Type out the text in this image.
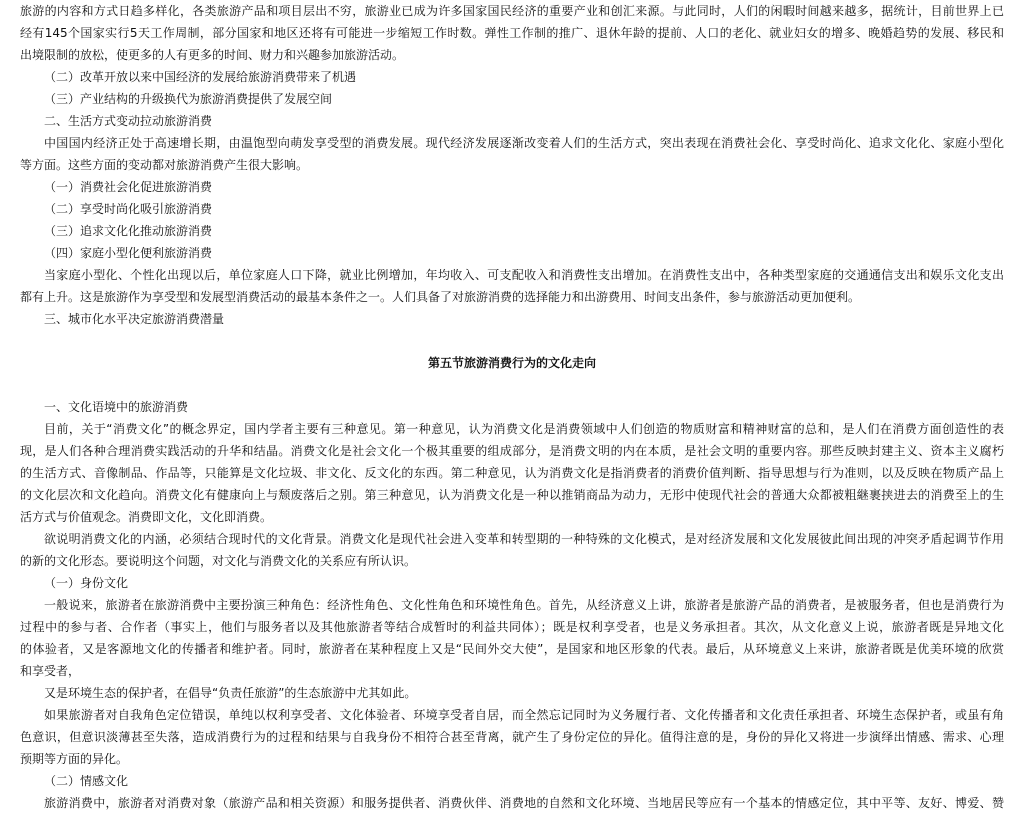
旅游的内容和方式日趋多样化，各类旅游产品和项目层出不穷，旅游业已成为许多国家国民经济的重要产业和创汇来源。与此同时，人们的闲暇时间越来越多，据统计，目前世界上已
经有145个国家实行5天工作周制，部分国家和地区还将有可能进一步缩短工作时数。弹性工作制的推广、退休年龄的提前、人口的老化、就业妇女的增多、晚婚趋势的发展、移民和
出境限制的放松，使更多的人有更多的时间、财力和兴趣参加旅游活动。
（二）改革开放以来中国经济的发展给旅游消费带来了机遇
（三）产业结构的升级换代为旅游消费提供了发展空间
二、生活方式变动拉动旅游消费
中国国内经济正处于高速增长期，由温饱型向萌发享受型的消费发展。现代经济发展逐渐改变着人们的生活方式，突出表现在消费社会化、享受时尚化、追求文化化、家庭小型化
等方面。这些方面的变动都对旅游消费产生很大影响。
（一）消费社会化促进旅游消费
（二）享受时尚化吸引旅游消费
（三）追求文化化推动旅游消费
（四）家庭小型化便利旅游消费
当家庭小型化、个性化出现以后，单位家庭人口下降，就业比例增加，年均收入、可支配收入和消费性支出增加。在消费性支出中，各种类型家庭的交通通信支出和娱乐文化支出
都有上升。这是旅游作为享受型和发展型消费活动的最基本条件之一。人们具备了对旅游消费的选择能力和出游费用、时间支出条件，参与旅游活动更加便利。
三、城市化水平决定旅游消费潜量
第五节旅游消费行为的文化走向
一、文化语境中的旅游消费
目前，关于“消费文化”的概念界定，国内学者主要有三种意见。第一种意见，认为消费文化是消费领域中人们创造的物质财富和精神财富的总和，是人们在消费方面创造性的表
现，是人们各种合理消费实践活动的升华和结晶。消费文化是社会文化一个极其重要的组成部分，是消费文明的内在本质，是社会文明的重要内容。那些反映封建主义、资本主义腐朽
的生活方式、音像制品、作品等，只能算是文化垃圾、非文化、反文化的东西。第二种意见，认为消费文化是指消费者的消费价值判断、指导思想与行为准则，以及反映在物质产品上
的文化层次和文化趋向。消费文化有健康向上与颓废落后之别。第三种意见，认为消费文化是一种以推销商品为动力，无形中使现代社会的普通大众都被粗継裹挟进去的消费至上的生
活方式与价值观念。消费即文化，文化即消费。
欲说明消费文化的内涵，必须结合现时代的文化背景。消费文化是现代社会进入变革和转型期的一种特殊的文化模式，是对经济发展和文化发展彼此间出现的冲突矛盾起调节作用
的新的文化形态。要说明这个问题，对文化与消费文化的关系应有所认识。
（一）身份文化
一般说来，旅游者在旅游消费中主要扮演三种角色：经济性角色、文化性角色和环境性角色。首先，从经济意义上讲，旅游者是旅游产品的消费者，是被服务者，但也是消费行为
过程中的参与者、合作者（事实上，他们与服务者以及其他旅游者等结合成暂时的利益共同体）；既是权利享受者，也是义务承担者。其次，从文化意义上说，旅游者既是异地文化
的体验者，又是客源地文化的传播者和维护者。同时，旅游者在某种程度上又是“民间外交大使”，是国家和地区形象的代表。最后，从环境意义上来讲，旅游者既是优美环境的欣赏
和享受者，
又是环境生态的保护者，在倡导“负责任旅游”的生态旅游中尤其如此。
如果旅游者对自我角色定位错误，单纯以权利享受者、文化体验者、环境享受者自居，而全然忘记同时为义务履行者、文化传播者和文化责任承担者、环境生态保护者，或虽有角
色意识，但意识淡薄甚至失落，造成消费行为的过程和结果与自我身份不相符合甚至背离，就产生了身份定位的异化。值得注意的是，身份的异化又将进一步演绎出情感、需求、心理
预期等方面的异化。
（二）情感文化
旅游消费中，旅游者对消费对象（旅游产品和相关资源）和服务提供者、消费伙伴、消费地的自然和文化环境、当地居民等应有一个基本的情感定位，其中平等、友好、博爱、赞
